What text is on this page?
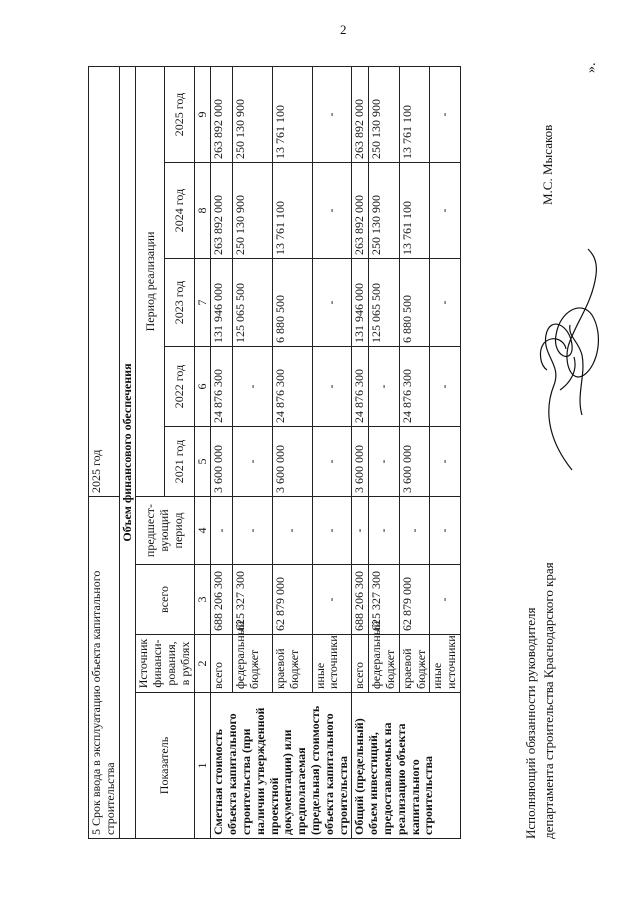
2
5 Срок ввода в эксплуатацию объекта капитального строительства				2025 год				
Объем финансового обеспечения								
Показатель	Источник финанси-рования, в рублях	всего	предшест-вующий период	Период реализации				
				2021 год	2022 год	2023 год	2024 год	2025 год
1	2	3	4	5	6	7	8	9
Сметная стоимость объекта капитального строительства (при наличии утвержденной проектной документации) или предполагаемая (предельная) стоимость объекта капитального строительства	всего	688 206 300	-	3 600 000	24 876 300	131 946 000	263 892 000	263 892 000
	федеральный бюджет	625 327 300	-	-	-	125 065 500	250 130 900	250 130 900
	краевой бюджет	62 879 000	-	3 600 000	24 876 300	6 880 500	13 761 100	13 761 100
	иные источники	-	-	-	-	-	-	-
Общий (предельный) объем инвестиций, предоставляемых на реализацию объекта капитального строительства	всего	688 206 300	-	3 600 000	24 876 300	131 946 000	263 892 000	263 892 000
	федеральный бюджет	625 327 300	-	-	-	125 065 500	250 130 900	250 130 900
	краевой бюджет	62 879 000	-	3 600 000	24 876 300	6 880 500	13 761 100	13 761 100
	иные источники	-	-	-	-	-	-	-
Исполняющий обязанности руководителя департамента строительства Краснодарского края
М.С. Мысаков
».
